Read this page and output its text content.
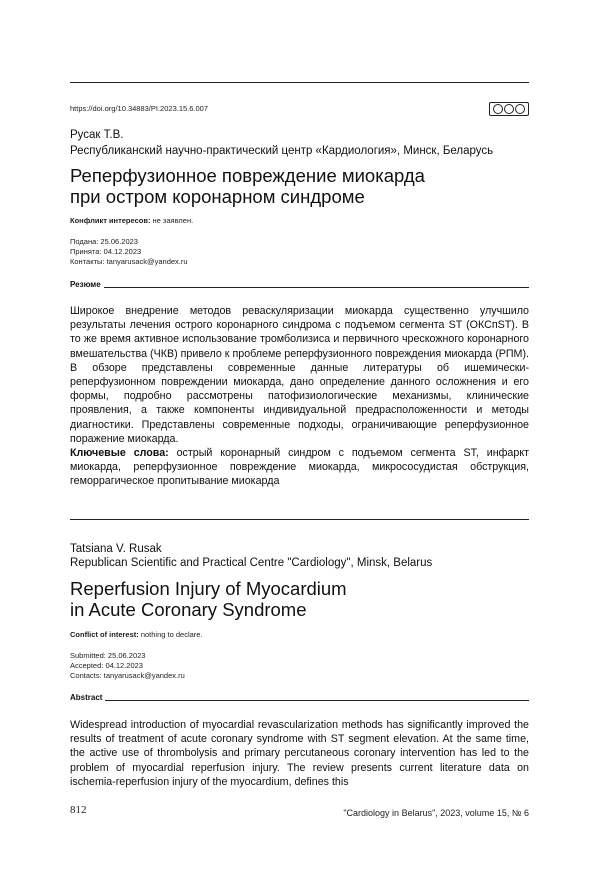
https://doi.org/10.34883/PI.2023.15.6.007
Русак Т.В.
Республиканский научно-практический центр «Кардиология», Минск, Беларусь
Реперфузионное повреждение миокарда
при остром коронарном синдроме
Конфликт интересов: не заявлен.
Подана: 25.06.2023
Принята: 04.12.2023
Контакты: tanyarusack@yandex.ru
Резюме
Широкое внедрение методов реваскуляризации миокарда существенно улучшило результаты лечения острого коронарного синдрома с подъемом сегмента ST (ОКСпST). В то же время активное использование тромболизиса и первичного чрескожного коронарного вмешательства (ЧКВ) привело к проблеме реперфузионного повреждения миокарда (РПМ). В обзоре представлены современные данные литературы об ишемически-реперфузионном повреждении миокарда, дано определение данного осложнения и его формы, подробно рассмотрены патофизиологические механизмы, клинические проявления, а также компоненты индивидуальной предрасположенности и методы диагностики. Представлены современные подходы, ограничивающие реперфузионное поражение миокарда.
Ключевые слова: острый коронарный синдром с подъемом сегмента ST, инфаркт миокарда, реперфузионное повреждение миокарда, микрососудистая обструкция, геморрагическое пропитывание миокарда
Tatsiana V. Rusak
Republican Scientific and Practical Centre "Cardiology", Minsk, Belarus
Reperfusion Injury of Myocardium
in Acute Coronary Syndrome
Conflict of interest: nothing to declare.
Submitted: 25.06.2023
Accepted: 04.12.2023
Contacts: tanyarusack@yandex.ru
Abstract
Widespread introduction of myocardial revascularization methods has significantly improved the results of treatment of acute coronary syndrome with ST segment elevation. At the same time, the active use of thrombolysis and primary percutaneous coronary intervention has led to the problem of myocardial reperfusion injury. The review presents current literature data on ischemia-reperfusion injury of the myocardium, defines this
812	"Cardiology in Belarus", 2023, volume 15, № 6
